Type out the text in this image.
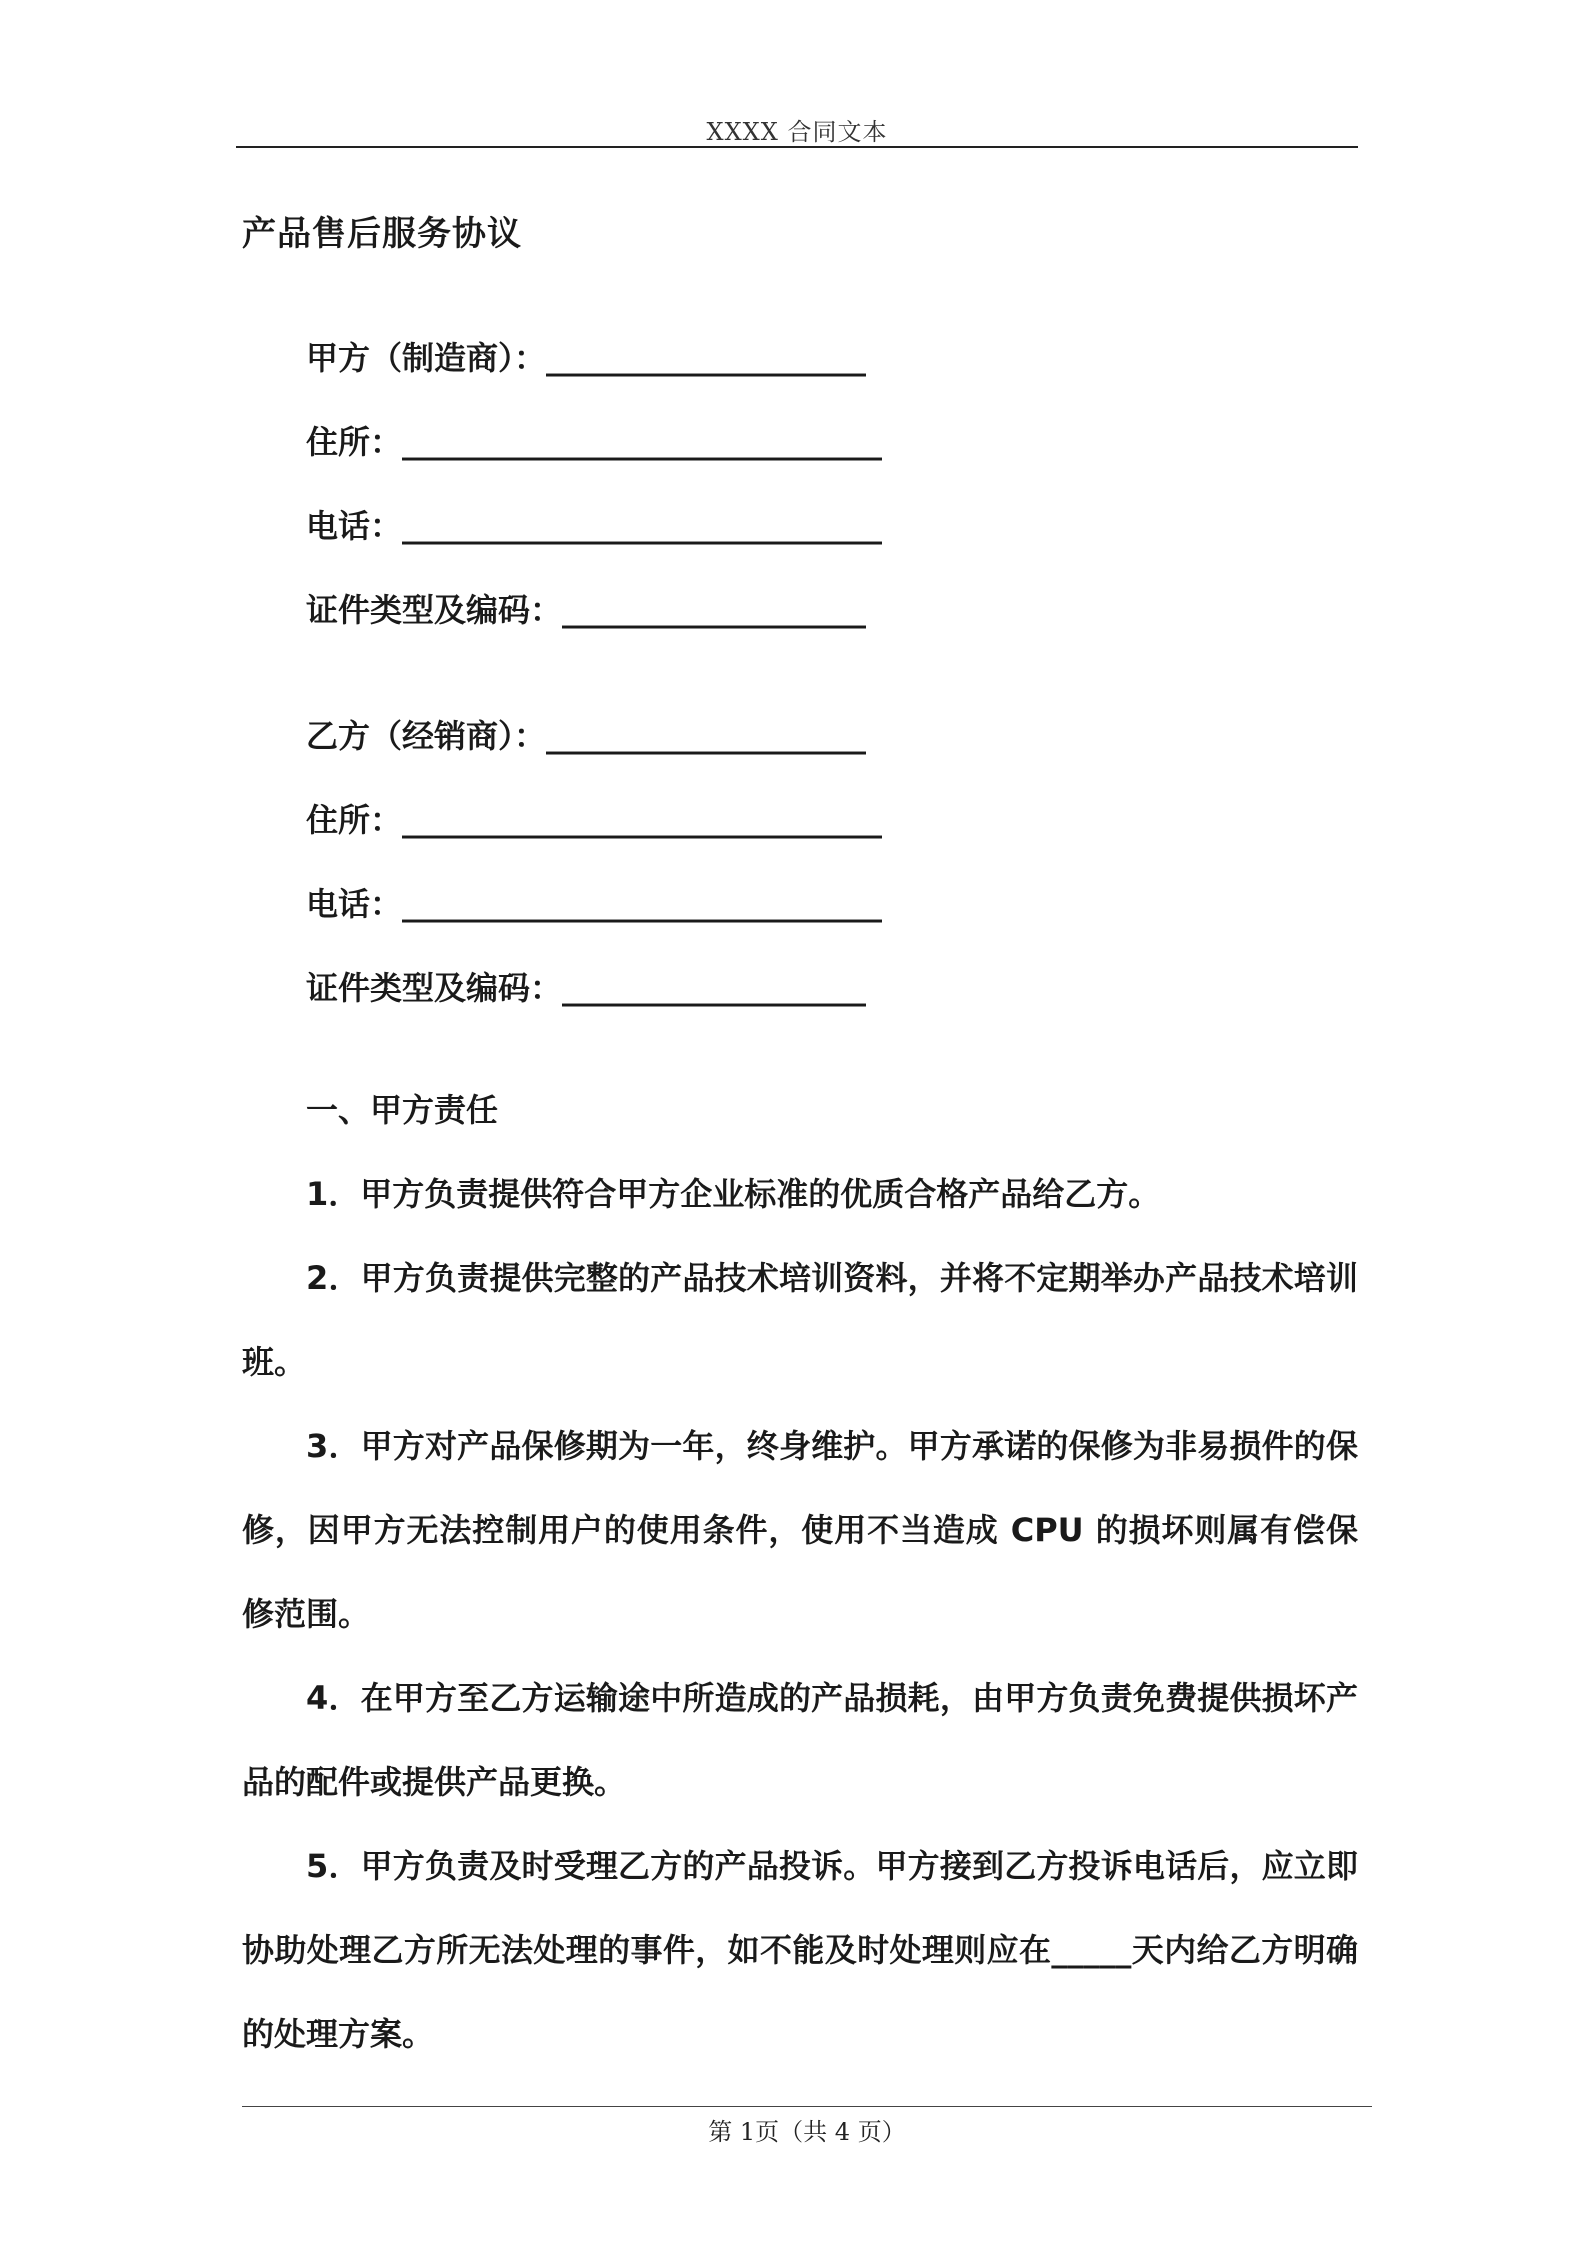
XXXX 合同文本
产品售后服务协议
甲方（制造商）：____________________
住所：______________________________
电话：______________________________
证件类型及编码：___________________
乙方（经销商）：____________________
住所：______________________________
电话：______________________________
证件类型及编码：___________________
一、甲方责任

1．甲方负责提供符合甲方企业标准的优质合格产品给乙方。

2．甲方负责提供完整的产品技术培训资料，并将不定期举办产品技术培训班。

3．甲方对产品保修期为一年，终身维护。甲方承诺的保修为非易损件的保修，因甲方无法控制用户的使用条件，使用不当造成 CPU 的损坏则属有偿保修范围。

4．在甲方至乙方运输途中所造成的产品损耗，由甲方负责免费提供损坏产品的配件或提供产品更换。

5．甲方负责及时受理乙方的产品投诉。甲方接到乙方投诉电话后，应立即协助处理乙方所无法处理的事件，如不能及时处理则应在_____天内给乙方明确的处理方案。

第 1页（共 4 页）
